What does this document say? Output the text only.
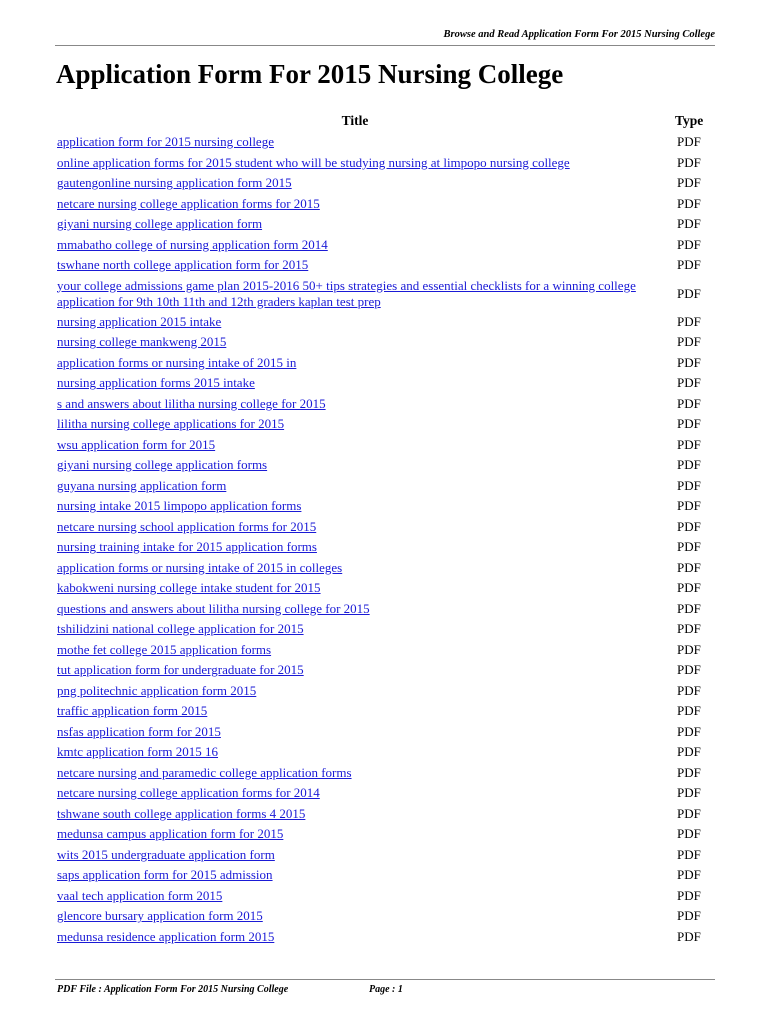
Browse and Read Application Form For 2015 Nursing College
Application Form For 2015 Nursing College
Title	Type
application form for 2015 nursing college	PDF
online application forms for 2015 student who will be studying nursing at limpopo nursing college	PDF
gautengonline nursing application form 2015	PDF
netcare nursing college application forms for 2015	PDF
giyani nursing college application form	PDF
mmabatho college of nursing application form 2014	PDF
tswhane north college application form for 2015	PDF
your college admissions game plan 2015-2016 50+ tips strategies and essential checklists for a winning college application for 9th 10th 11th and 12th graders kaplan test prep	PDF
nursing application 2015 intake	PDF
nursing college mankweng 2015	PDF
application forms or nursing intake of 2015 in	PDF
nursing application forms 2015 intake	PDF
s and answers about lilitha nursing college for 2015	PDF
lilitha nursing college applications for 2015	PDF
wsu application form for 2015	PDF
giyani nursing college application forms	PDF
guyana nursing application form	PDF
nursing intake 2015 limpopo application forms	PDF
netcare nursing school application forms for 2015	PDF
nursing training intake for 2015 application forms	PDF
application forms or nursing intake of 2015 in colleges	PDF
kabokweni nursing college intake student for 2015	PDF
questions and answers about lilitha nursing college for 2015	PDF
tshilidzini national college application for 2015	PDF
mothe fet college 2015 application forms	PDF
tut application form for undergraduate for 2015	PDF
png politechnic application form 2015	PDF
traffic application form 2015	PDF
nsfas application form for 2015	PDF
kmtc application form 2015 16	PDF
netcare nursing and paramedic college application forms	PDF
netcare nursing college application forms for 2014	PDF
tshwane south college application forms 4 2015	PDF
medunsa campus application form for 2015	PDF
wits 2015 undergraduate application form	PDF
saps application form for 2015 admission	PDF
vaal tech application form 2015	PDF
glencore bursary application form 2015	PDF
medunsa residence application form 2015	PDF
PDF File : Application Form For 2015 Nursing College	Page : 1
